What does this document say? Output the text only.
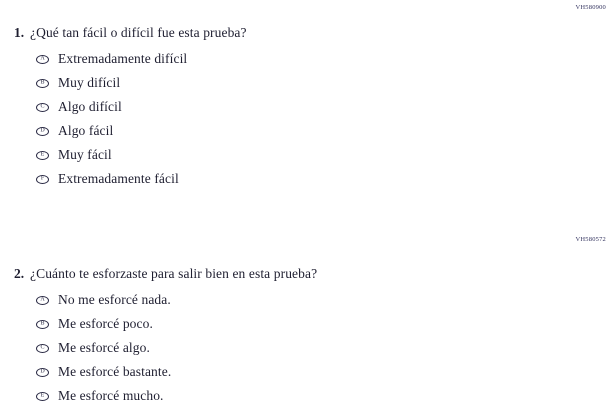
VH580900
1. ¿Qué tan fácil o difícil fue esta prueba?
A Extremadamente difícil
B Muy difícil
C Algo difícil
D Algo fácil
E Muy fácil
F Extremadamente fácil
VH580572
2. ¿Cuánto te esforzaste para salir bien en esta prueba?
A No me esforcé nada.
B Me esforcé poco.
C Me esforcé algo.
D Me esforcé bastante.
E Me esforcé mucho.
